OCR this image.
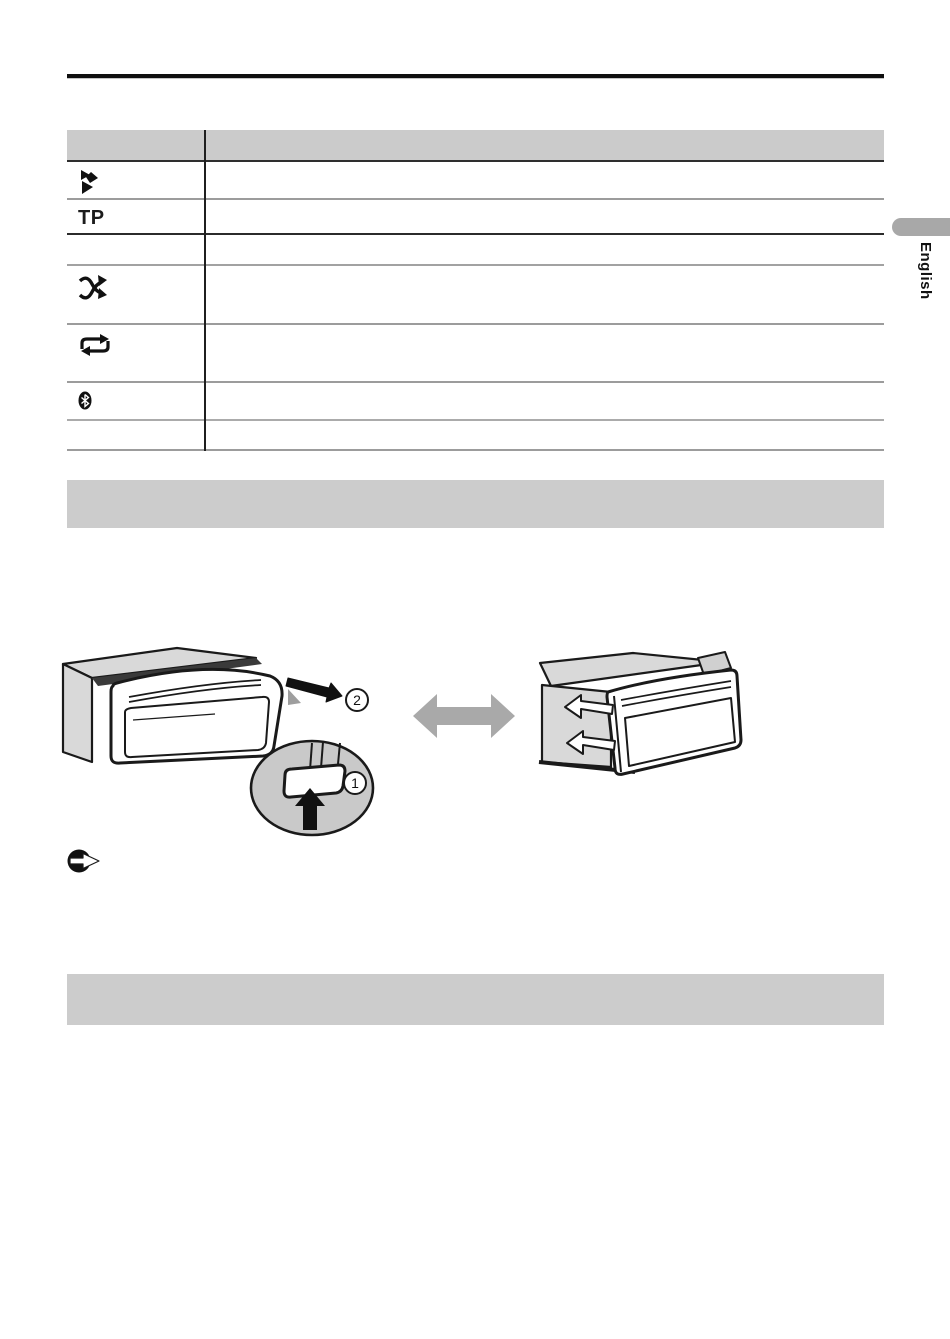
TP
English
2
1
